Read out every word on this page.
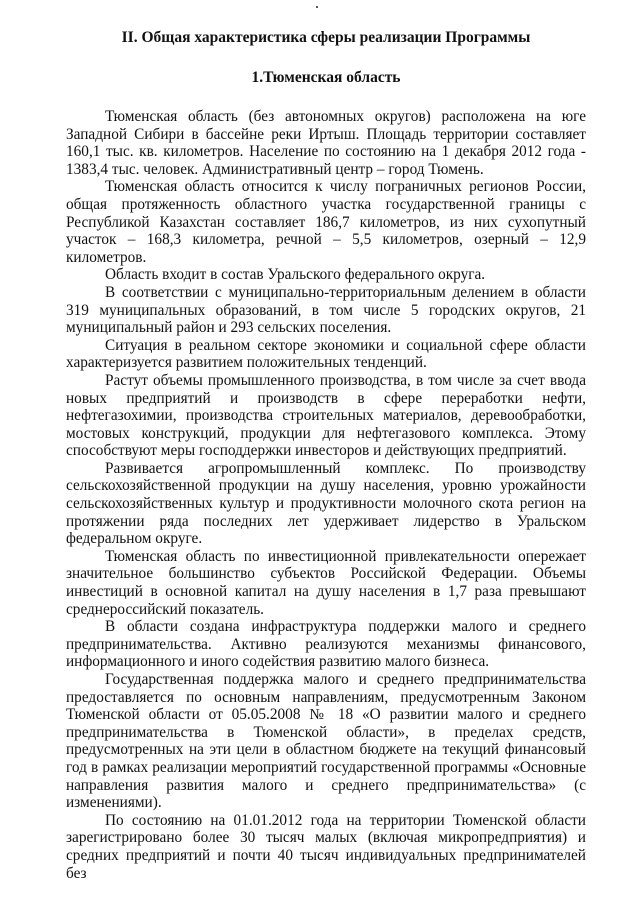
II. Общая характеристика сферы реализации Программы
1.Тюменская область

Тюменская область (без автономных округов) расположена на юге Западной Сибири в бассейне реки Иртыш. Площадь территории составляет 160,1 тыс. кв. километров. Население по состоянию на 1 декабря 2012 года - 1383,4 тыс. человек. Административный центр – город Тюмень.

Тюменская область относится к числу пограничных регионов России, общая протяженность областного участка государственной границы с Республикой Казахстан составляет 186,7 километров, из них сухопутный участок – 168,3 километра, речной – 5,5 километров, озерный – 12,9 километров.

Область входит в состав Уральского федерального округа.

В соответствии с муниципально-территориальным делением в области 319 муниципальных образований, в том числе 5 городских округов, 21 муниципальный район и 293 сельских поселения.

Ситуация в реальном секторе экономики и социальной сфере области характеризуется развитием положительных тенденций.

Растут объемы промышленного производства, в том числе за счет ввода новых предприятий и производств в сфере переработки нефти, нефтегазохимии, производства строительных материалов, деревообработки, мостовых конструкций, продукции для нефтегазового комплекса. Этому способствуют меры господдержки инвесторов и действующих предприятий.

Развивается агропромышленный комплекс. По производству сельскохозяйственной продукции на душу населения, уровню урожайности сельскохозяйственных культур и продуктивности молочного скота регион на протяжении ряда последних лет удерживает лидерство в Уральском федеральном округе.

Тюменская область по инвестиционной привлекательности опережает значительное большинство субъектов Российской Федерации. Объемы инвестиций в основной капитал на душу населения в 1,7 раза превышают среднероссийский показатель.

В области создана инфраструктура поддержки малого и среднего предпринимательства. Активно реализуются механизмы финансового, информационного и иного содействия развитию малого бизнеса.

Государственная поддержка малого и среднего предпринимательства предоставляется по основным направлениям, предусмотренным Законом Тюменской области от 05.05.2008 № 18 «О развитии малого и среднего предпринимательства в Тюменской области», в пределах средств, предусмотренных на эти цели в областном бюджете на текущий финансовый год в рамках реализации мероприятий государственной программы «Основные направления развития малого и среднего предпринимательства» (с изменениями).

По состоянию на 01.01.2012 года на территории Тюменской области зарегистрировано более 30 тысяч малых (включая микропредприятия) и средних предприятий и почти 40 тысяч индивидуальных предпринимателей без
